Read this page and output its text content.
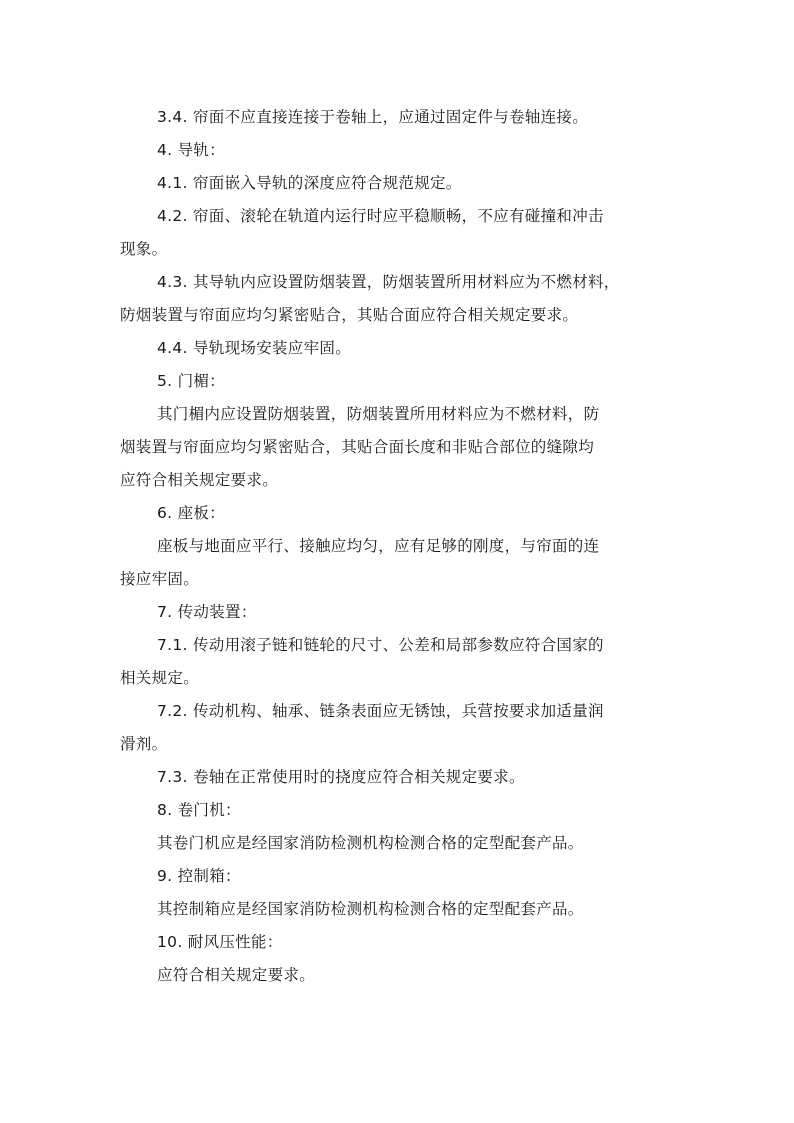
3.4. 帘面不应直接连接于卷轴上，应通过固定件与卷轴连接。
4. 导轨：
4.1. 帘面嵌入导轨的深度应符合规范规定。
4.2. 帘面、滚轮在轨道内运行时应平稳顺畅，不应有碰撞和冲击
现象。
4.3. 其导轨内应设置防烟装置，防烟装置所用材料应为不燃材料，
防烟装置与帘面应均匀紧密贴合，其贴合面应符合相关规定要求。
4.4. 导轨现场安装应牢固。
5. 门楣：
其门楣内应设置防烟装置，防烟装置所用材料应为不燃材料，防
烟装置与帘面应均匀紧密贴合，其贴合面长度和非贴合部位的缝隙均
应符合相关规定要求。
6. 座板：
座板与地面应平行、接触应均匀，应有足够的刚度，与帘面的连
接应牢固。
7. 传动装置：
7.1. 传动用滚子链和链轮的尺寸、公差和局部参数应符合国家的
相关规定。
7.2. 传动机构、轴承、链条表面应无锈蚀，兵营按要求加适量润
滑剂。
7.3. 卷轴在正常使用时的挠度应符合相关规定要求。
8. 卷门机：
其卷门机应是经国家消防检测机构检测合格的定型配套产品。
9. 控制箱：
其控制箱应是经国家消防检测机构检测合格的定型配套产品。
10. 耐风压性能：
应符合相关规定要求。
